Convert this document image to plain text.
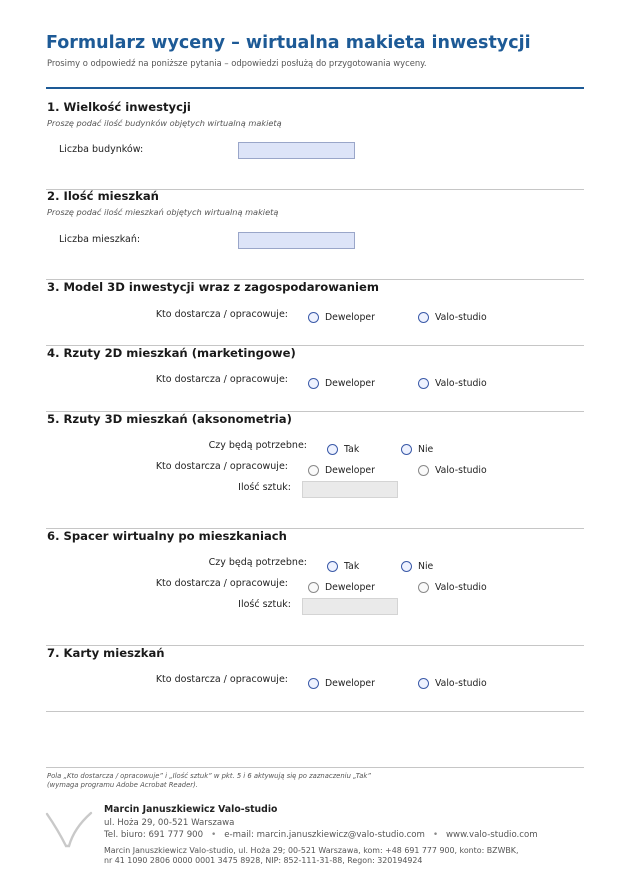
Formularz wyceny – wirtualna makieta inwestycji
Prosimy o odpowiedź na poniższe pytania – odpowiedzi posłużą do przygotowania wyceny.
1. Wielkość inwestycji
Proszę podać ilość budynków objętych wirtualną makietą
Liczba budynków:
2. Ilość mieszkań
Proszę podać ilość mieszkań objętych wirtualną makietą
Liczba mieszkań:
3. Model 3D inwestycji wraz z zagospodarowaniem
Kto dostarcza / opracowuje:	Deweloper	Valo-studio
4. Rzuty 2D mieszkań (marketingowe)
Kto dostarcza / opracowuje:	Deweloper	Valo-studio
5. Rzuty 3D mieszkań (aksonometria)
Czy będą potrzebne:	Tak	Nie
Kto dostarcza / opracowuje:	Deweloper	Valo-studio
Ilość sztuk:
6. Spacer wirtualny po mieszkaniach
Czy będą potrzebne:	Tak	Nie
Kto dostarcza / opracowuje:	Deweloper	Valo-studio
Ilość sztuk:
7. Karty mieszkań
Kto dostarcza / opracowuje:	Deweloper	Valo-studio
Pola „Kto dostarcza / opracowuje” i „Ilość sztuk” w pkt. 5 i 6 aktywują się po zaznaczeniu „Tak”
(wymaga programu Adobe Acrobat Reader).
Marcin Januszkiewicz Valo-studio
ul. Hoża 29, 00-521 Warszawa
Tel. biuro: 691 777 900 • e-mail: marcin.januszkiewicz@valo-studio.com • www.valo-studio.com
Marcin Januszkiewicz Valo-studio, ul. Hoża 29; 00-521 Warszawa, kom: +48 691 777 900, konto: BZWBK,
nr 41 1090 2806 0000 0001 3475 8928, NIP: 852-111-31-88, Regon: 320194924
